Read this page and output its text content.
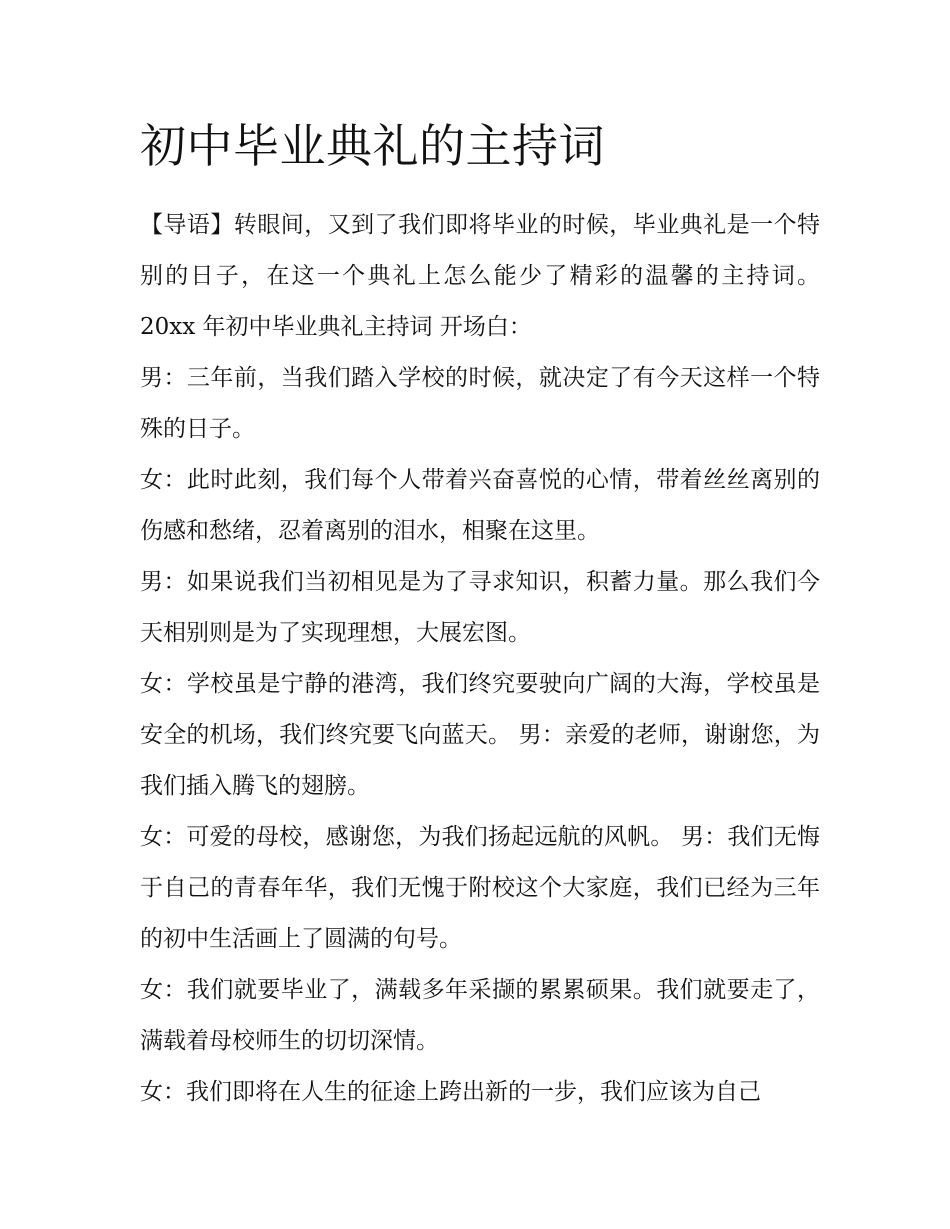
初中毕业典礼的主持词

【导语】转眼间，又到了我们即将毕业的时候，毕业典礼是一个特别的日子，在这一个典礼上怎么能少了精彩的温馨的主持词。 20xx 年初中毕业典礼主持词 开场白：

男：三年前，当我们踏入学校的时候，就决定了有今天这样一个特殊的日子。

女：此时此刻，我们每个人带着兴奋喜悦的心情，带着丝丝离别的伤感和愁绪，忍着离别的泪水，相聚在这里。

男：如果说我们当初相见是为了寻求知识，积蓄力量。那么我们今天相别则是为了实现理想，大展宏图。

女：学校虽是宁静的港湾，我们终究要驶向广阔的大海，学校虽是安全的机场，我们终究要飞向蓝天。 男：亲爱的老师，谢谢您，为我们插入腾飞的翅膀。

女：可爱的母校，感谢您，为我们扬起远航的风帆。 男：我们无悔于自己的青春年华，我们无愧于附校这个大家庭，我们已经为三年的初中生活画上了圆满的句号。

女：我们就要毕业了，满载多年采撷的累累硕果。我们就要走了，满载着母校师生的切切深情。

女：我们即将在人生的征途上跨出新的一步，我们应该为自己
